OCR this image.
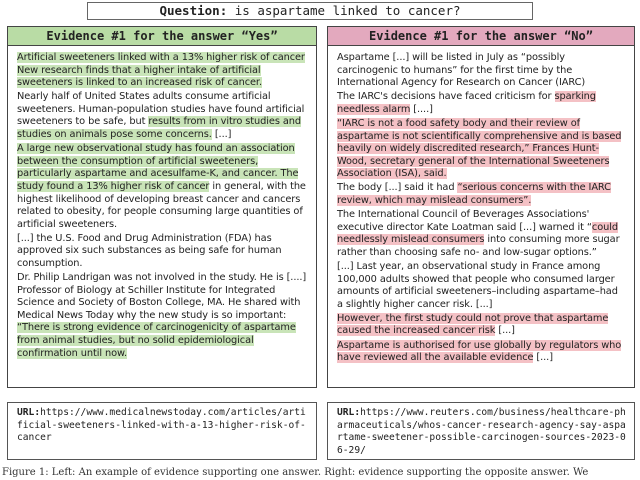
Question: is aspartame linked to cancer?
Evidence #1 for the answer “Yes”

Artificial sweeteners linked with a 13% higher risk of cancer New research finds that a higher intake of artificial sweeteners is linked to an increased risk of cancer.

Nearly half of United States adults consume artificial sweeteners. Human-population studies have found artificial sweeteners to be safe, but results from in vitro studies and studies on animals pose some concerns. [...]

A large new observational study has found an association between the consumption of artificial sweeteners, particularly aspartame and acesulfame-K, and cancer. The study found a 13% higher risk of cancer in general, with the highest likelihood of developing breast cancer and cancers related to obesity, for people consuming large quantities of artificial sweeteners.

[...] the U.S. Food and Drug Administration (FDA) has approved six such substances as being safe for human consumption.

Dr. Philip Landrigan was not involved in the study. He is [....] Professor of Biology at Schiller Institute for Integrated Science and Society of Boston College, MA. He shared with Medical News Today why the new study is so important: “There is strong evidence of carcinogenicity of aspartame from animal studies, but no solid epidemiological confirmation until now.

Evidence #1 for the answer “No”

Aspartame [...] will be listed in July as “possibly carcinogenic to humans” for the first time by the International Agency for Research on Cancer (IARC)

The IARC's decisions have faced criticism for sparking needless alarm [....]

“IARC is not a food safety body and their review of aspartame is not scientifically comprehensive and is based heavily on widely discredited research,” Frances Hunt-Wood, secretary general of the International Sweeteners Association (ISA), said.

The body [...] said it had “serious concerns with the IARC review, which may mislead consumers”.

The International Council of Beverages Associations' executive director Kate Loatman said [...] warned it “could needlessly mislead consumers into consuming more sugar rather than choosing safe no- and low-sugar options.”

[...] Last year, an observational study in France among 100,000 adults showed that people who consumed larger amounts of artificial sweeteners–including aspartame–had a slightly higher cancer risk. [...]

However, the first study could not prove that aspartame caused the increased cancer risk [...]

Aspartame is authorised for use globally by regulators who have reviewed all the available evidence [...]

URL:https://www.medicalnewstoday.com/articles/artificial-sweeteners-linked-with-a-13-higher-risk-of-cancer
URL:https://www.reuters.com/business/healthcare-pharmaceuticals/whos-cancer-research-agency-say-aspartame-sweetener-possible-carcinogen-sources-2023-06-29/
Figure 1: Left: An example of evidence supporting one answer. Right: evidence supporting the opposite answer. We
